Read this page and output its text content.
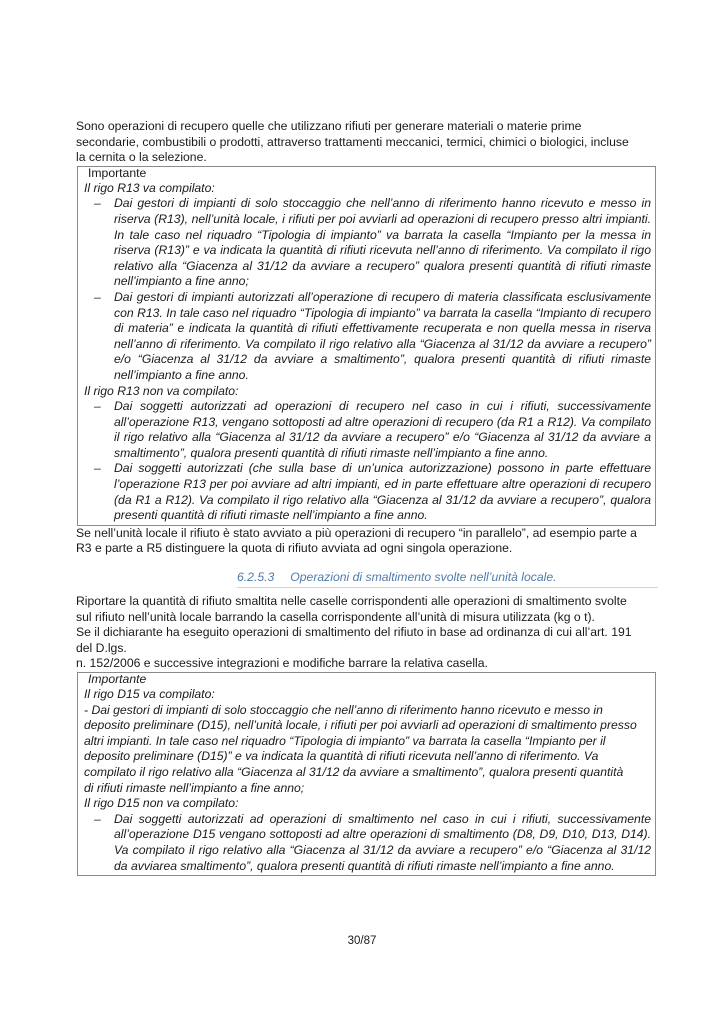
Sono operazioni di recupero quelle che utilizzano rifiuti per generare materiali o materie prime

secondarie, combustibili o prodotti, attraverso trattamenti meccanici, termici, chimici o biologici, incluse

la cernita o la selezione.

Importante

Il rigo R13 va compilato:

– Dai gestori di impianti di solo stoccaggio che nell’anno di riferimento hanno ricevuto e messo in riserva (R13), nell’unità locale, i rifiuti per poi avviarli ad operazioni di recupero presso altri impianti. In tale caso nel riquadro “Tipologia di impianto” va barrata la casella “Impianto per la messa in riserva (R13)” e va indicata la quantità di rifiuti ricevuta nell’anno di riferimento. Va compilato il rigo relativo alla “Giacenza al 31/12 da avviare a recupero” qualora presenti quantità di rifiuti rimaste nell’impianto a fine anno;
– Dai gestori di impianti autorizzati all’operazione di recupero di materia classificata esclusivamente con R13. In tale caso nel riquadro “Tipologia di impianto” va barrata la casella “Impianto di recupero di materia” e indicata la quantità di rifiuti effettivamente recuperata e non quella messa in riserva nell’anno di riferimento. Va compilato il rigo relativo alla “Giacenza al 31/12 da avviare a recupero” e/o “Giacenza al 31/12 da avviare a smaltimento”, qualora presenti quantità di rifiuti rimaste nell’impianto a fine anno.

Il rigo R13 non va compilato:

– Dai soggetti autorizzati ad operazioni di recupero nel caso in cui i rifiuti, successivamente all’operazione R13, vengano sottoposti ad altre operazioni di recupero (da R1 a R12). Va compilato il rigo relativo alla “Giacenza al 31/12 da avviare a recupero” e/o “Giacenza al 31/12 da avviare a smaltimento”, qualora presenti quantità di rifiuti rimaste nell’impianto a fine anno.
– Dai soggetti autorizzati (che sulla base di un’unica autorizzazione) possono in parte effettuare l’operazione R13 per poi avviare ad altri impianti, ed in parte effettuare altre operazioni di recupero (da R1 a R12). Va compilato il rigo relativo alla “Giacenza al 31/12 da avviare a recupero”, qualora presenti quantità di rifiuti rimaste nell’impianto a fine anno.

Se nell’unità locale il rifiuto è stato avviato a più operazioni di recupero “in parallelo”, ad esempio parte a

R3 e parte a R5 distinguere la quota di rifiuto avviata ad ogni singola operazione.

6.2.5.3 Operazioni di smaltimento svolte nell’unità locale.

Riportare la quantità di rifiuto smaltita nelle caselle corrispondenti alle operazioni di smaltimento svolte

sul rifiuto nell’unità locale barrando la casella corrispondente all’unità di misura utilizzata (kg o t).

Se il dichiarante ha eseguito operazioni di smaltimento del rifiuto in base ad ordinanza di cui all’art. 191

del D.lgs.

n. 152/2006 e successive integrazioni e modifiche barrare la relativa casella.

Importante

Il rigo D15 va compilato:

- Dai gestori di impianti di solo stoccaggio che nell’anno di riferimento hanno ricevuto e messo in
deposito preliminare (D15), nell’unità locale, i rifiuti per poi avviarli ad operazioni di smaltimento presso
altri impianti. In tale caso nel riquadro “Tipologia di impianto” va barrata la casella “Impianto per il
deposito preliminare (D15)” e va indicata la quantità di rifiuti ricevuta nell’anno di riferimento. Va
compilato il rigo relativo alla “Giacenza al 31/12 da avviare a smaltimento”, qualora presenti quantità
di rifiuti rimaste nell’impianto a fine anno;

Il rigo D15 non va compilato:

– Dai soggetti autorizzati ad operazioni di smaltimento nel caso in cui i rifiuti, successivamente all’operazione D15 vengano sottoposti ad altre operazioni di smaltimento (D8, D9, D10, D13, D14). Va compilato il rigo relativo alla “Giacenza al 31/12 da avviare a recupero” e/o “Giacenza al 31/12 da avviarea smaltimento”, qualora presenti quantità di rifiuti rimaste nell’impianto a fine anno.
30/87
